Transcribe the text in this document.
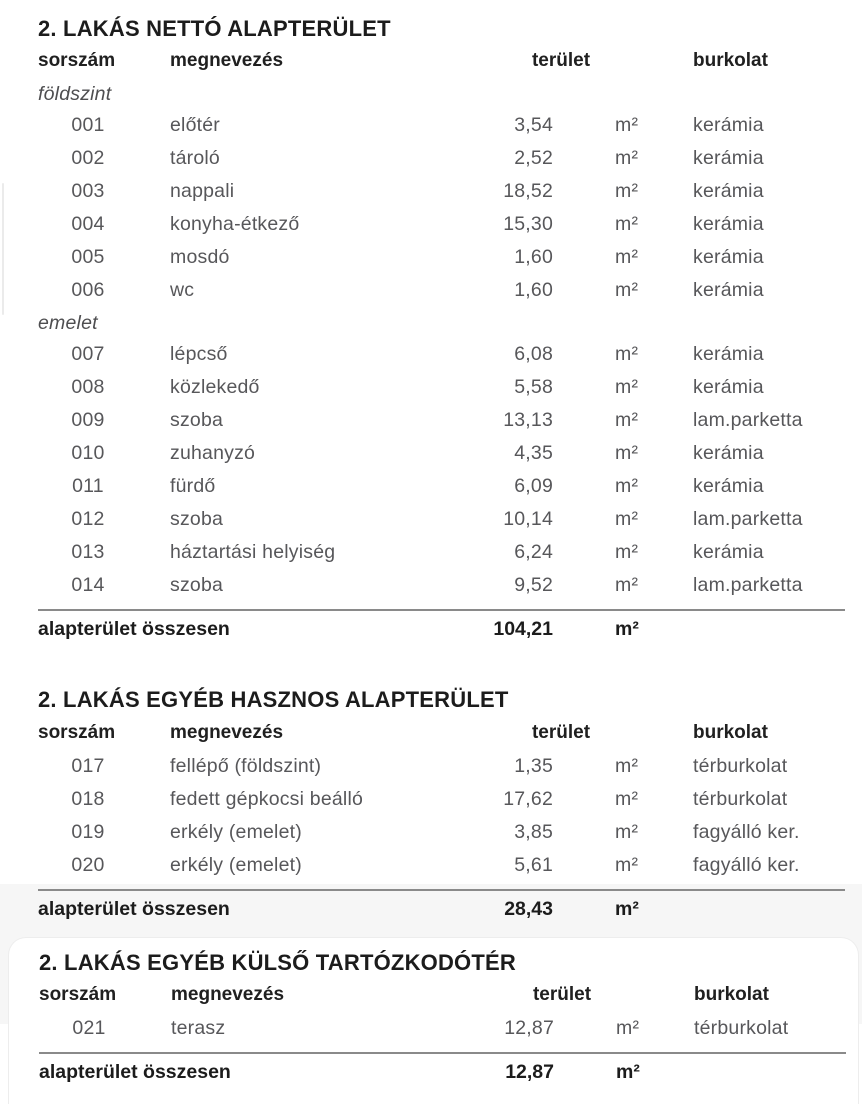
2. LAKÁS NETTÓ ALAPTERÜLET
sorszám	megnevezés	terület	burkolat
földszint
001	előtér	3,54	m²	kerámia
002	tároló	2,52	m²	kerámia
003	nappali	18,52	m²	kerámia
004	konyha-étkező	15,30	m²	kerámia
005	mosdó	1,60	m²	kerámia
006	wc	1,60	m²	kerámia
emelet
007	lépcső	6,08	m²	kerámia
008	közlekedő	5,58	m²	kerámia
009	szoba	13,13	m²	lam.parketta
010	zuhanyzó	4,35	m²	kerámia
011	fürdő	6,09	m²	kerámia
012	szoba	10,14	m²	lam.parketta
013	háztartási helyiség	6,24	m²	kerámia
014	szoba	9,52	m²	lam.parketta
alapterület összesen	104,21	m²
2. LAKÁS EGYÉB HASZNOS ALAPTERÜLET
sorszám	megnevezés	terület	burkolat
017	fellépő (földszint)	1,35	m²	térburkolat
018	fedett gépkocsi beálló	17,62	m²	térburkolat
019	erkély (emelet)	3,85	m²	fagyálló ker.
020	erkély (emelet)	5,61	m²	fagyálló ker.
alapterület összesen	28,43	m²
2. LAKÁS EGYÉB KÜLSŐ TARTÓZKODÓTÉR
sorszám	megnevezés	terület	burkolat
021	terasz	12,87	m²	térburkolat
alapterület összesen	12,87	m²
